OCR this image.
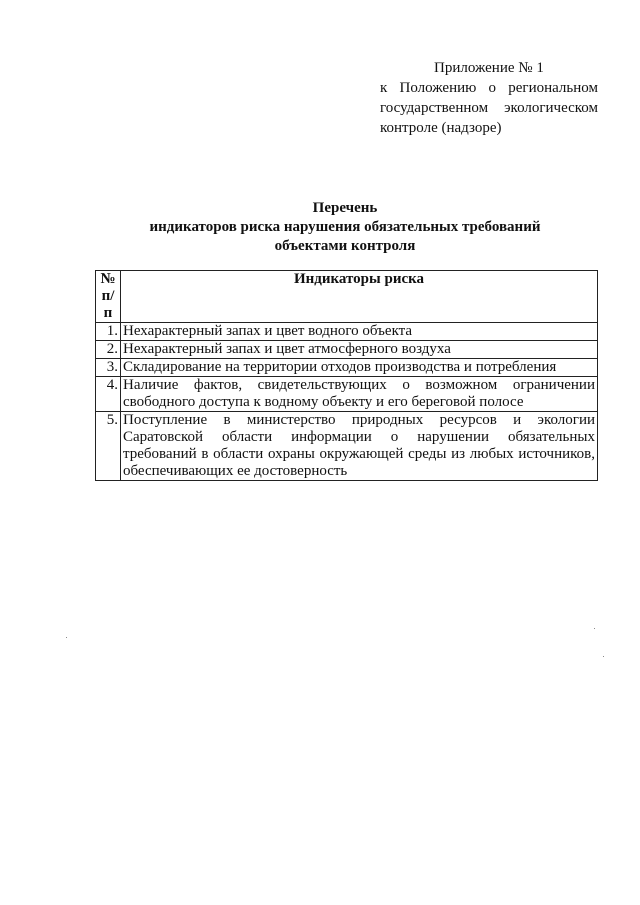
Приложение № 1
к Положению о региональном государственном экологическом контроле (надзоре)
Перечень
индикаторов риска нарушения обязательных требований
объектами контроля
№
п/п	Индикаторы риска
1.	Нехарактерный запах и цвет водного объекта
2.	Нехарактерный запах и цвет атмосферного воздуха
3.	Складирование на территории отходов производства и потребления
4.	Наличие фактов, свидетельствующих о возможном ограничении свободного доступа к водному объекту и его береговой полосе
5.	Поступление в министерство природных ресурсов и экологии Саратовской области информации о нарушении обязательных требований в области охраны окружающей среды из любых источников, обеспечивающих ее достоверность
